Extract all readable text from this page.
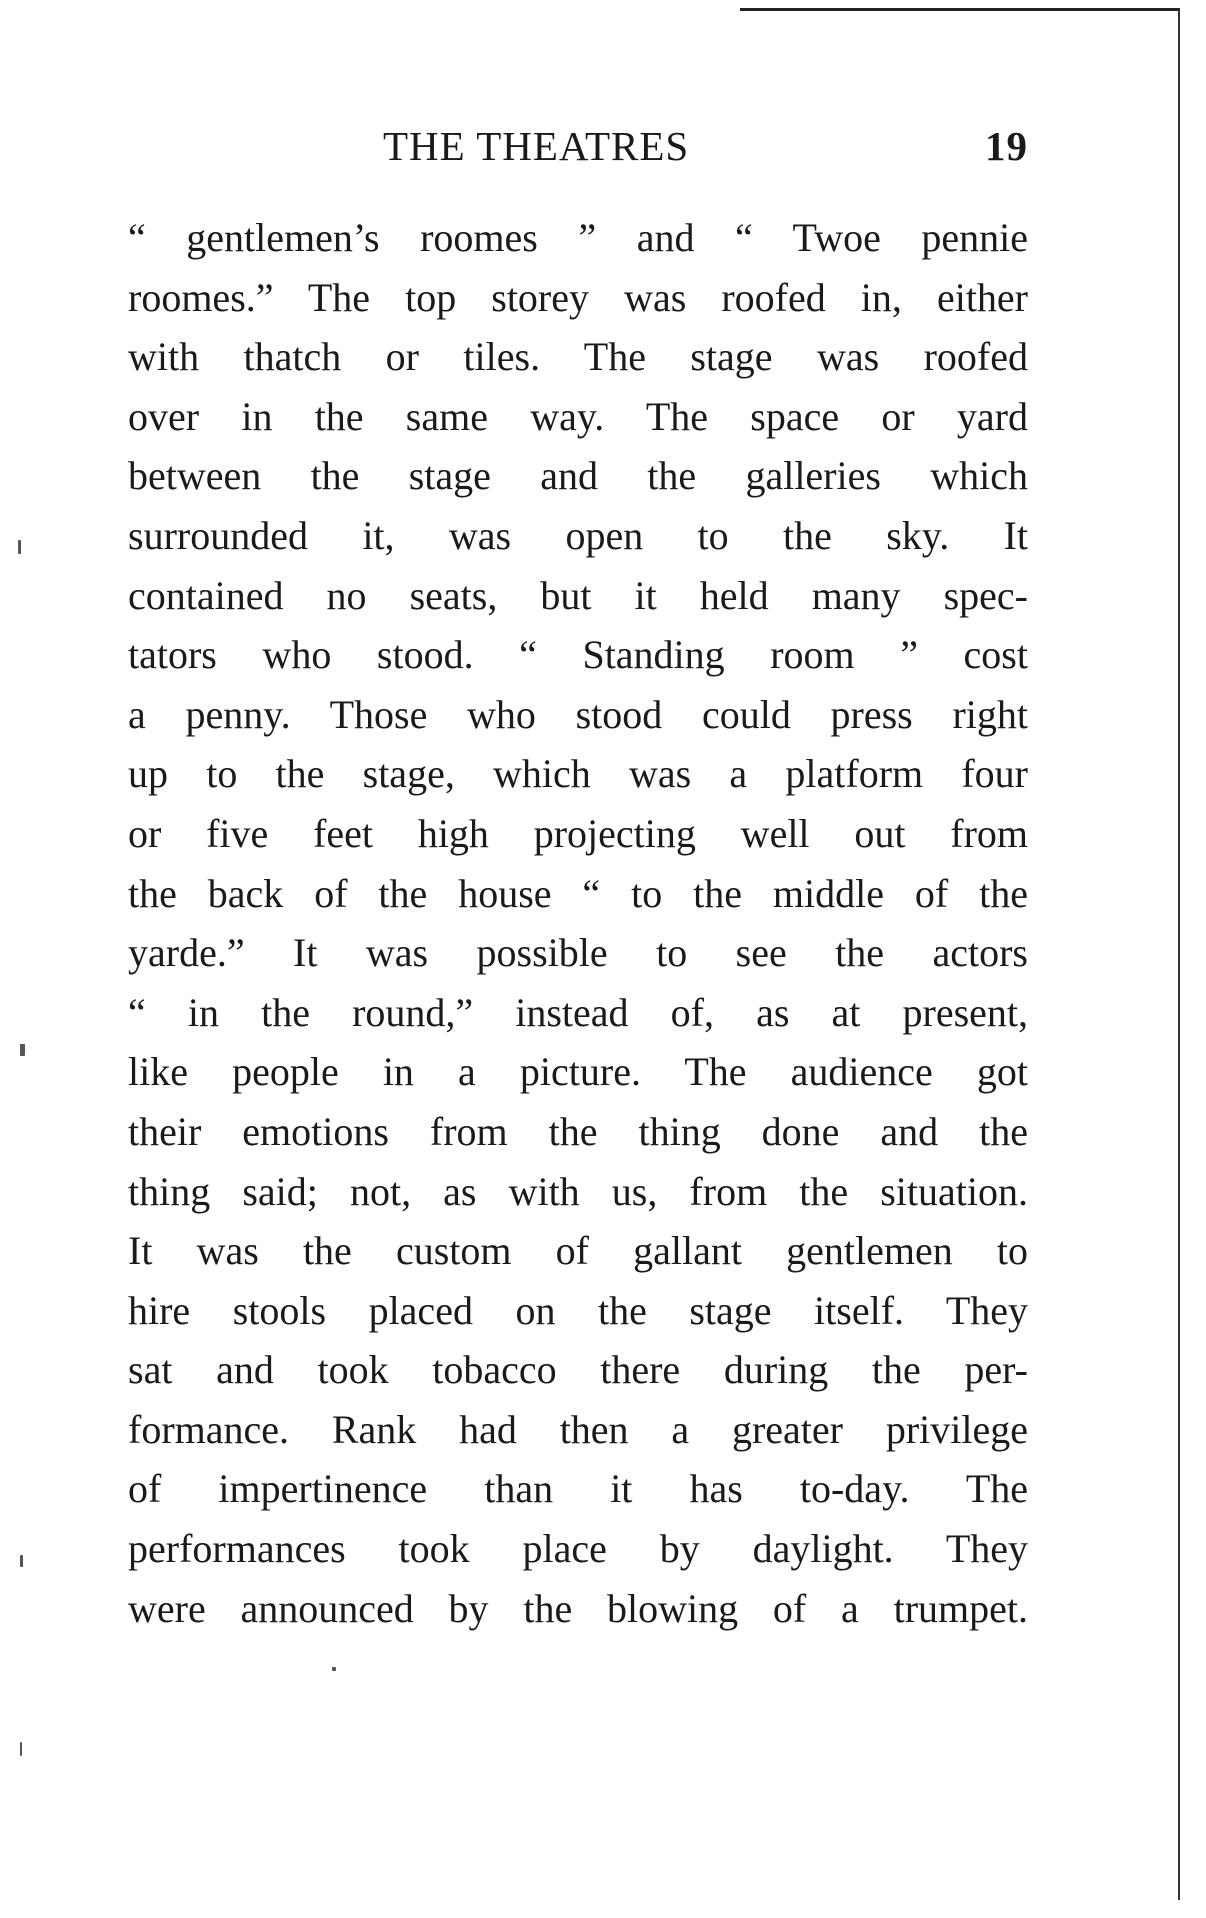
THE THEATRES	19
“ gentlemen’s roomes ” and “ Twoe pennie
roomes.” The top storey was roofed in, either
with thatch or tiles. The stage was roofed
over in the same way. The space or yard
between the stage and the galleries which
surrounded it, was open to the sky. It
contained no seats, but it held many spec-
tators who stood. “ Standing room ” cost
a penny. Those who stood could press right
up to the stage, which was a platform four
or five feet high projecting well out from
the back of the house “ to the middle of the
yarde.” It was possible to see the actors
“ in the round,” instead of, as at present,
like people in a picture. The audience got
their emotions from the thing done and the
thing said; not, as with us, from the situation.
It was the custom of gallant gentlemen to
hire stools placed on the stage itself. They
sat and took tobacco there during the per-
formance. Rank had then a greater privilege
of impertinence than it has to-day. The
performances took place by daylight. They
were announced by the blowing of a trumpet.
